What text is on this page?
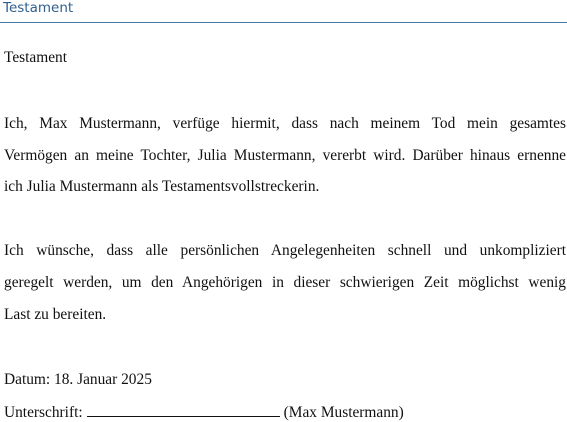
Testament
Testament
Ich, Max Mustermann, verfüge hiermit, dass nach meinem Tod mein gesamtes
Vermögen an meine Tochter, Julia Mustermann, vererbt wird. Darüber hinaus ernenne
ich Julia Mustermann als Testamentsvollstreckerin.
Ich wünsche, dass alle persönlichen Angelegenheiten schnell und unkompliziert
geregelt werden, um den Angehörigen in dieser schwierigen Zeit möglichst wenig
Last zu bereiten.
Datum: 18. Januar 2025
Unterschrift:	(Max Mustermann)
